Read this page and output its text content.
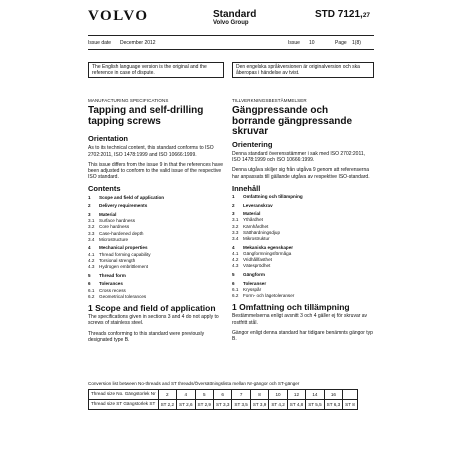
VOLVO	Standard
Volvo Group
STD 7121,27
Issue date December 2012	Issue 10	Page 1(8)
The English language version is the original and the reference in case of dispute.
Den engelska språkversionen är originalversion och ska åberopas i händelse av tvist.
MANUFACTURING SPECIFICATIONS
Tapping and self-drilling tapping screws
Orientation
As to its technical content, this standard conforms to ISO 2702:2011, ISO 1478:1999 and ISO 10666:1999.
This issue differs from the issue 9 in that the references have been adjusted to conform to the valid issue of the respective ISO standard.
Contents
1	Scope and field of application
2	Delivery requirements
3	Material
3.1	Surface hardness
3.2	Core hardness
3.3	Case-hardened depth
3.4	Microstructure
4	Mechanical properties
4.1	Thread forming capability
4.2	Torsional strength
4.3	Hydrogen embrittlement
5	Thread form
6	Tolerances
6.1	Cross recess
6.2	Geometrical tolerances
1 Scope and field of application
The specifications given in sections 3 and 4 do not apply to screws of stainless steel.
Threads conforming to this standard were previously designated type B.
TILLVERKNINGSBESTÄMMELSER
Gängpressande och borrande gängpressande skruvar
Orientering
Denna standard överensstämmer i sak med ISO 2702:2011, ISO 1478:1999 och ISO 10666:1999.
Denna utgåva skiljer sig från utgåva 9 genom att referenserna har anpassats till gällande utgåva av respektive ISO-standard.
Innehåll
1	Omfattning och tillämpning
2	Leveranskrav
3	Material
3.1	Ythårdhet
3.2	Kärnhårdhet
3.3	Sätthärdningsdjup
3.4	Mikrostruktur
4	Mekaniska egenskaper
4.1	Gängformningsförmåga
4.2	Vridhållfasthet
4.3	Vätesprödhet
5	Gängform
6	Toleranser
6.1	Krysspår
6.2	Form- och lägetoleranser
1 Omfattning och tillämpning
Bestämmelserna enligt avsnitt 3 och 4 gäller ej för skruvar av rostfritt stål.
Gängor enligt denna standard har tidigare benämnts gängor typ B.
Conversion list between No-threads and ST threads/Översättningslista mellan Nr-gängor och ST-gänger
Thread size No. Gängstorlek Nr	2	4	5	6	7	8	10	12	14	16	
Thread size ST Gängstorlek ST	ST 2,2	ST 2,6	ST 2,9	ST 3,3	ST 3,5	ST 3,9	ST 4,2	ST 4,8	ST 5,5	ST 6,3	ST 8
